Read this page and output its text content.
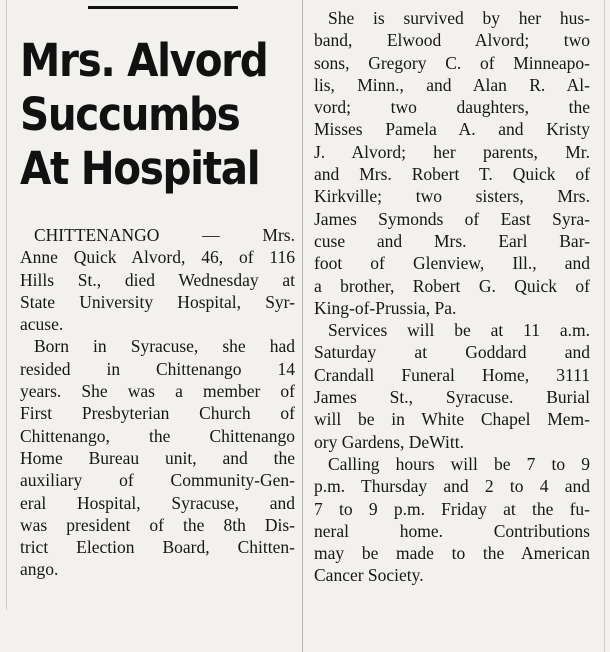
Mrs. Alvord
Succumbs
At Hospital
CHITTENANGO — Mrs.
Anne Quick Alvord, 46, of 116
Hills St., died Wednesday at
State University Hospital, Syr-
acuse.
Born in Syracuse, she had
resided in Chittenango 14
years. She was a member of
First Presbyterian Church of
Chittenango, the Chittenango
Home Bureau unit, and the
auxiliary of Community-Gen-
eral Hospital, Syracuse, and
was president of the 8th Dis-
trict Election Board, Chitten-
ango.
She is survived by her hus-
band, Elwood Alvord; two
sons, Gregory C. of Minneapo-
lis, Minn., and Alan R. Al-
vord; two daughters, the
Misses Pamela A. and Kristy
J. Alvord; her parents, Mr.
and Mrs. Robert T. Quick of
Kirkville; two sisters, Mrs.
James Symonds of East Syra-
cuse and Mrs. Earl Bar-
foot of Glenview, Ill., and
a brother, Robert G. Quick of
King-of-Prussia, Pa.
Services will be at 11 a.m.
Saturday at Goddard and
Crandall Funeral Home, 3111
James St., Syracuse. Burial
will be in White Chapel Mem-
ory Gardens, DeWitt.
Calling hours will be 7 to 9
p.m. Thursday and 2 to 4 and
7 to 9 p.m. Friday at the fu-
neral home. Contributions
may be made to the American
Cancer Society.
